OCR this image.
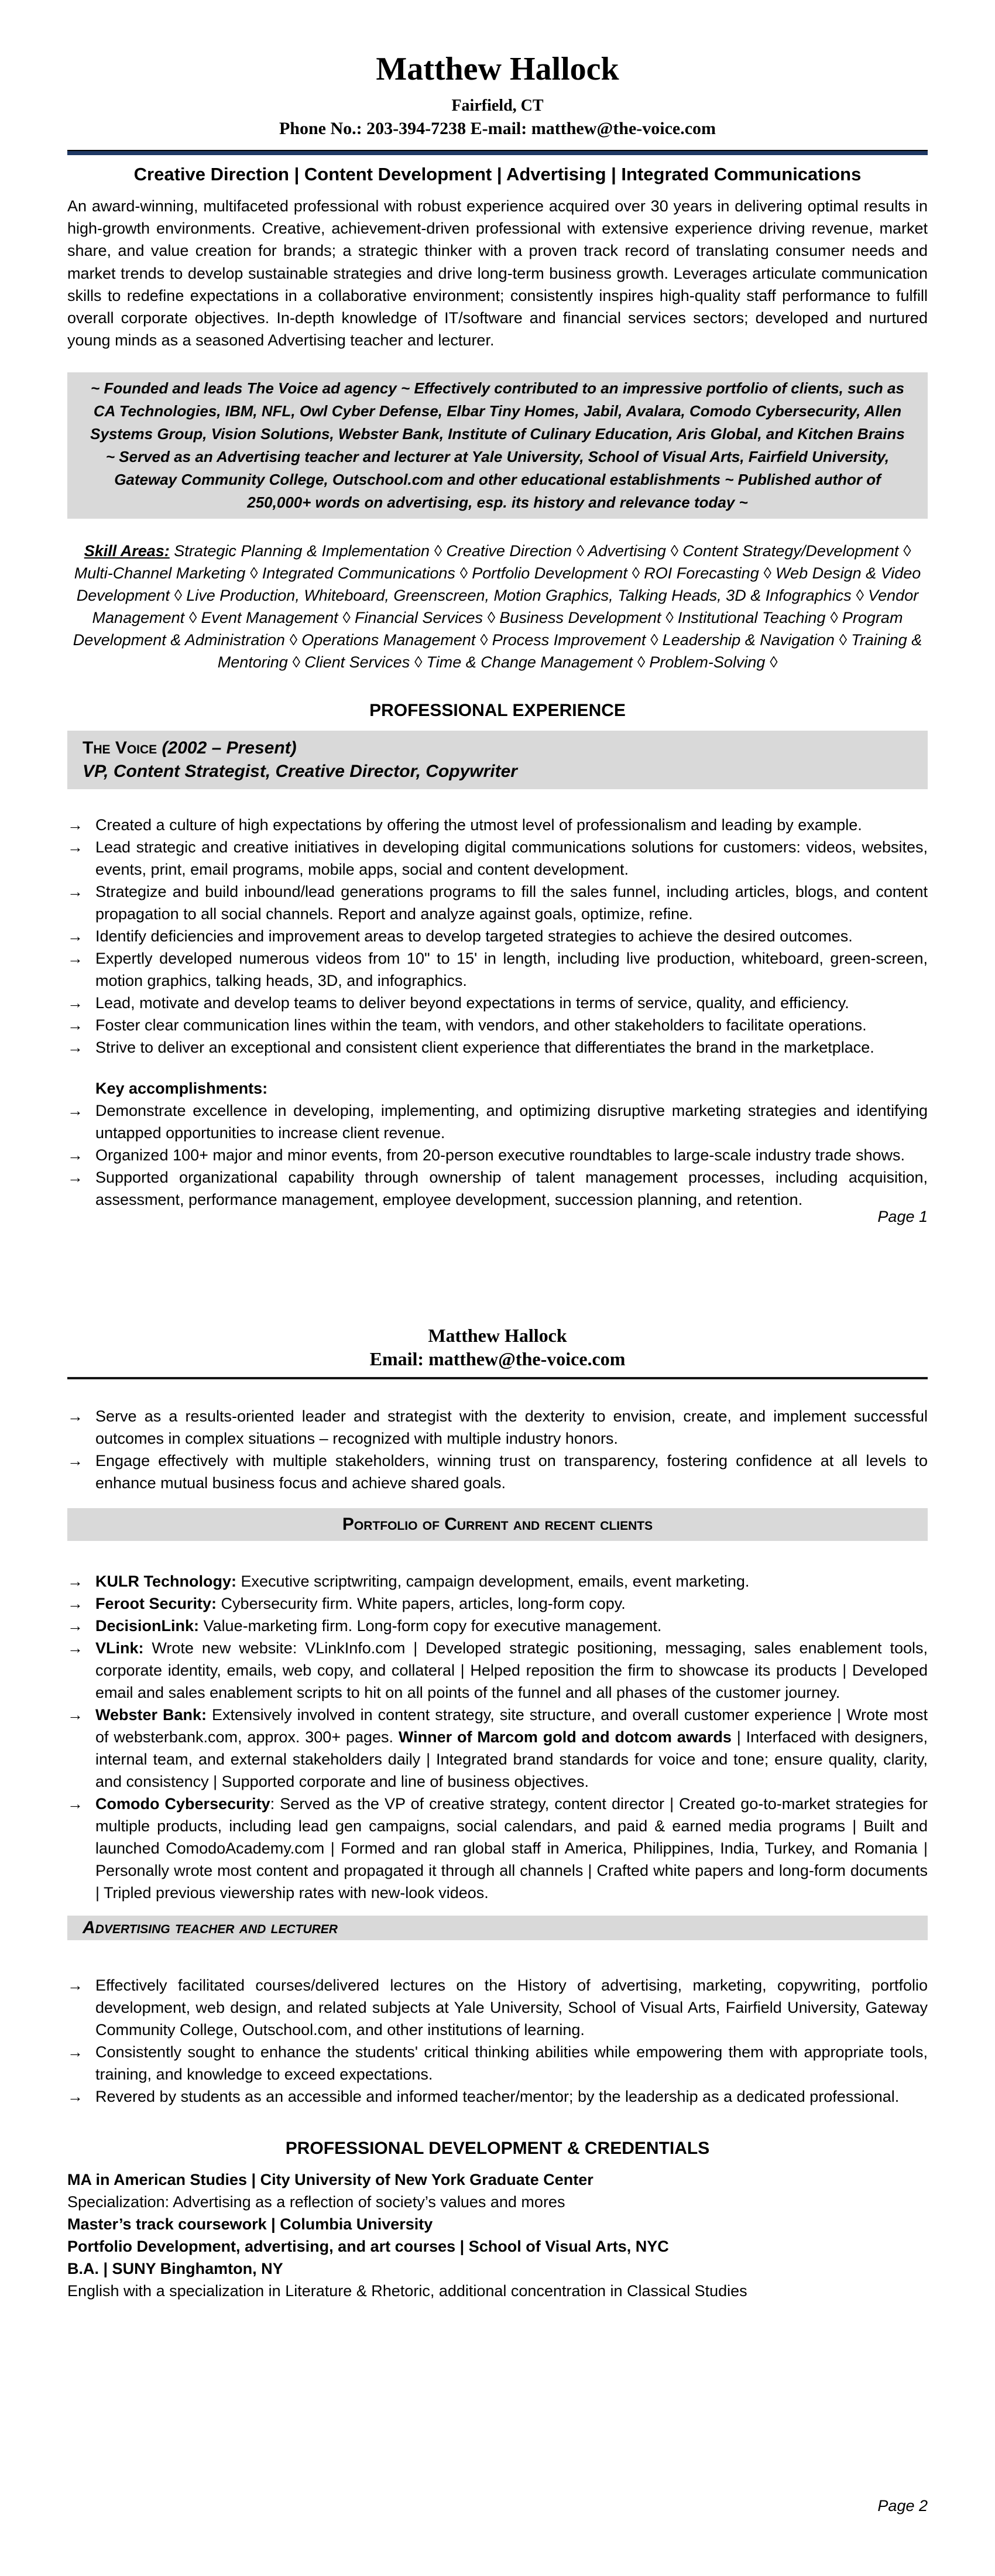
Matthew Hallock
Fairfield, CT
Phone No.: 203-394-7238 E-mail: matthew@the-voice.com
Creative Direction | Content Development | Advertising | Integrated Communications
An award-winning, multifaceted professional with robust experience acquired over 30 years in delivering optimal results in high-growth environments. Creative, achievement-driven professional with extensive experience driving revenue, market share, and value creation for brands; a strategic thinker with a proven track record of translating consumer needs and market trends to develop sustainable strategies and drive long-term business growth. Leverages articulate communication skills to redefine expectations in a collaborative environment; consistently inspires high-quality staff performance to fulfill overall corporate objectives. In-depth knowledge of IT/software and financial services sectors; developed and nurtured young minds as a seasoned Advertising teacher and lecturer.
~ Founded and leads The Voice ad agency ~ Effectively contributed to an impressive portfolio of clients, such as CA Technologies, IBM, NFL, Owl Cyber Defense, Elbar Tiny Homes, Jabil, Avalara, Comodo Cybersecurity, Allen Systems Group, Vision Solutions, Webster Bank, Institute of Culinary Education, Aris Global, and Kitchen Brains ~ Served as an Advertising teacher and lecturer at Yale University, School of Visual Arts, Fairfield University, Gateway Community College, Outschool.com and other educational establishments ~ Published author of 250,000+ words on advertising, esp. its history and relevance today ~
Skill Areas: Strategic Planning & Implementation ◊ Creative Direction ◊ Advertising ◊ Content Strategy/Development ◊ Multi-Channel Marketing ◊ Integrated Communications ◊ Portfolio Development ◊ ROI Forecasting ◊ Web Design & Video Development ◊ Live Production, Whiteboard, Greenscreen, Motion Graphics, Talking Heads, 3D & Infographics ◊ Vendor Management ◊ Event Management ◊ Financial Services ◊ Business Development ◊ Institutional Teaching ◊ Program Development & Administration ◊ Operations Management ◊ Process Improvement ◊ Leadership & Navigation ◊ Training & Mentoring ◊ Client Services ◊ Time & Change Management ◊ Problem-Solving ◊
PROFESSIONAL EXPERIENCE
The Voice (2002 – Present)
VP, Content Strategist, Creative Director, Copywriter
→ Created a culture of high expectations by offering the utmost level of professionalism and leading by example.
→ Lead strategic and creative initiatives in developing digital communications solutions for customers: videos, websites, events, print, email programs, mobile apps, social and content development.
→ Strategize and build inbound/lead generations programs to fill the sales funnel, including articles, blogs, and content propagation to all social channels. Report and analyze against goals, optimize, refine.
→ Identify deficiencies and improvement areas to develop targeted strategies to achieve the desired outcomes.
→ Expertly developed numerous videos from 10" to 15' in length, including live production, whiteboard, green-screen, motion graphics, talking heads, 3D, and infographics.
→ Lead, motivate and develop teams to deliver beyond expectations in terms of service, quality, and efficiency.
→ Foster clear communication lines within the team, with vendors, and other stakeholders to facilitate operations.
→ Strive to deliver an exceptional and consistent client experience that differentiates the brand in the marketplace.
Key accomplishments:
→ Demonstrate excellence in developing, implementing, and optimizing disruptive marketing strategies and identifying untapped opportunities to increase client revenue.
→ Organized 100+ major and minor events, from 20-person executive roundtables to large-scale industry trade shows.
→ Supported organizational capability through ownership of talent management processes, including acquisition, assessment, performance management, employee development, succession planning, and retention.
Page 1
Matthew Hallock
Email: matthew@the-voice.com
→ Serve as a results-oriented leader and strategist with the dexterity to envision, create, and implement successful outcomes in complex situations – recognized with multiple industry honors.
→ Engage effectively with multiple stakeholders, winning trust on transparency, fostering confidence at all levels to enhance mutual business focus and achieve shared goals.
Portfolio of Current and recent clients
→ KULR Technology: Executive scriptwriting, campaign development, emails, event marketing.
→ Feroot Security: Cybersecurity firm. White papers, articles, long-form copy.
→ DecisionLink: Value-marketing firm. Long-form copy for executive management.
→ VLink: Wrote new website: VLinkInfo.com | Developed strategic positioning, messaging, sales enablement tools, corporate identity, emails, web copy, and collateral | Helped reposition the firm to showcase its products | Developed email and sales enablement scripts to hit on all points of the funnel and all phases of the customer journey.
→ Webster Bank: Extensively involved in content strategy, site structure, and overall customer experience | Wrote most of websterbank.com, approx. 300+ pages. Winner of Marcom gold and dotcom awards | Interfaced with designers, internal team, and external stakeholders daily | Integrated brand standards for voice and tone; ensure quality, clarity, and consistency | Supported corporate and line of business objectives.
→ Comodo Cybersecurity: Served as the VP of creative strategy, content director | Created go-to-market strategies for multiple products, including lead gen campaigns, social calendars, and paid & earned media programs | Built and launched ComodoAcademy.com | Formed and ran global staff in America, Philippines, India, Turkey, and Romania | Personally wrote most content and propagated it through all channels | Crafted white papers and long-form documents | Tripled previous viewership rates with new-look videos.
Advertising teacher and lecturer
→ Effectively facilitated courses/delivered lectures on the History of advertising, marketing, copywriting, portfolio development, web design, and related subjects at Yale University, School of Visual Arts, Fairfield University, Gateway Community College, Outschool.com, and other institutions of learning.
→ Consistently sought to enhance the students' critical thinking abilities while empowering them with appropriate tools, training, and knowledge to exceed expectations.
→ Revered by students as an accessible and informed teacher/mentor; by the leadership as a dedicated professional.
PROFESSIONAL DEVELOPMENT & CREDENTIALS
MA in American Studies | City University of New York Graduate Center
Specialization: Advertising as a reflection of society’s values and mores
Master’s track coursework | Columbia University
Portfolio Development, advertising, and art courses | School of Visual Arts, NYC
B.A. | SUNY Binghamton, NY
English with a specialization in Literature & Rhetoric, additional concentration in Classical Studies
Page 2
